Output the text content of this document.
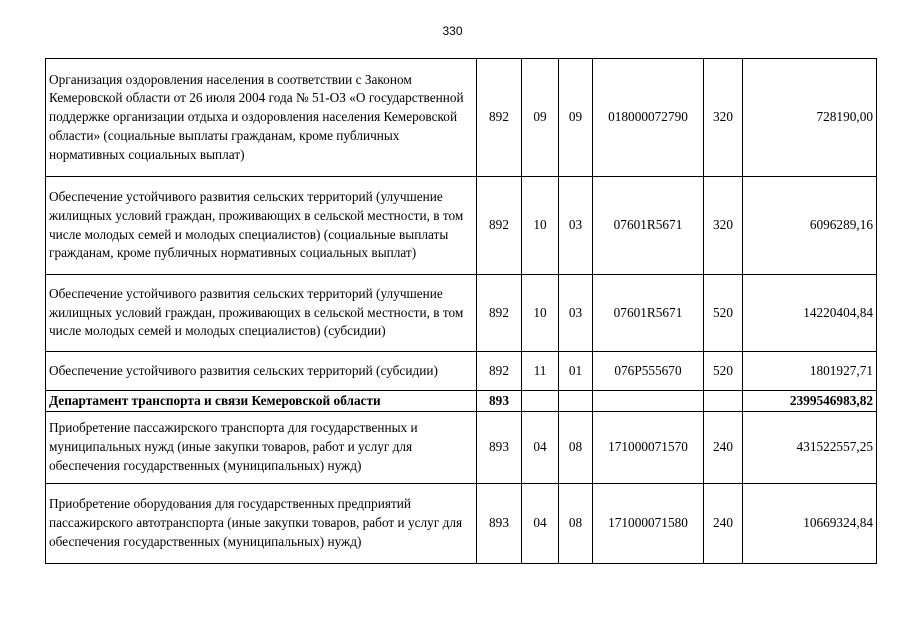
330
Организация оздоровления населения в соответствии с Законом Кемеровской области от 26 июля 2004 года № 51-ОЗ «О государственной поддержке организации отдыха и оздоровления населения Кемеровской области» (социальные выплаты гражданам, кроме публичных нормативных социальных выплат)	892	09	09	018000072790	320	728190,00
Обеспечение устойчивого развития сельских территорий (улучшение жилищных условий граждан, проживающих в сельской местности, в том числе молодых семей и молодых специалистов) (социальные выплаты гражданам, кроме публичных нормативных социальных выплат)	892	10	03	07601R5671	320	6096289,16
Обеспечение устойчивого развития сельских территорий (улучшение жилищных условий граждан, проживающих в сельской местности, в том числе молодых семей и молодых специалистов) (субсидии)	892	10	03	07601R5671	520	14220404,84
Обеспечение устойчивого развития сельских территорий (субсидии)	892	11	01	076P555670	520	1801927,71
Департамент транспорта и связи Кемеровской области	893					2399546983,82
Приобретение пассажирского транспорта для государственных и муниципальных нужд (иные закупки товаров, работ и услуг для обеспечения государственных (муниципальных) нужд)	893	04	08	171000071570	240	431522557,25
Приобретение оборудования для государственных предприятий пассажирского автотранспорта (иные закупки товаров, работ и услуг для обеспечения государственных (муниципальных) нужд)	893	04	08	171000071580	240	10669324,84
